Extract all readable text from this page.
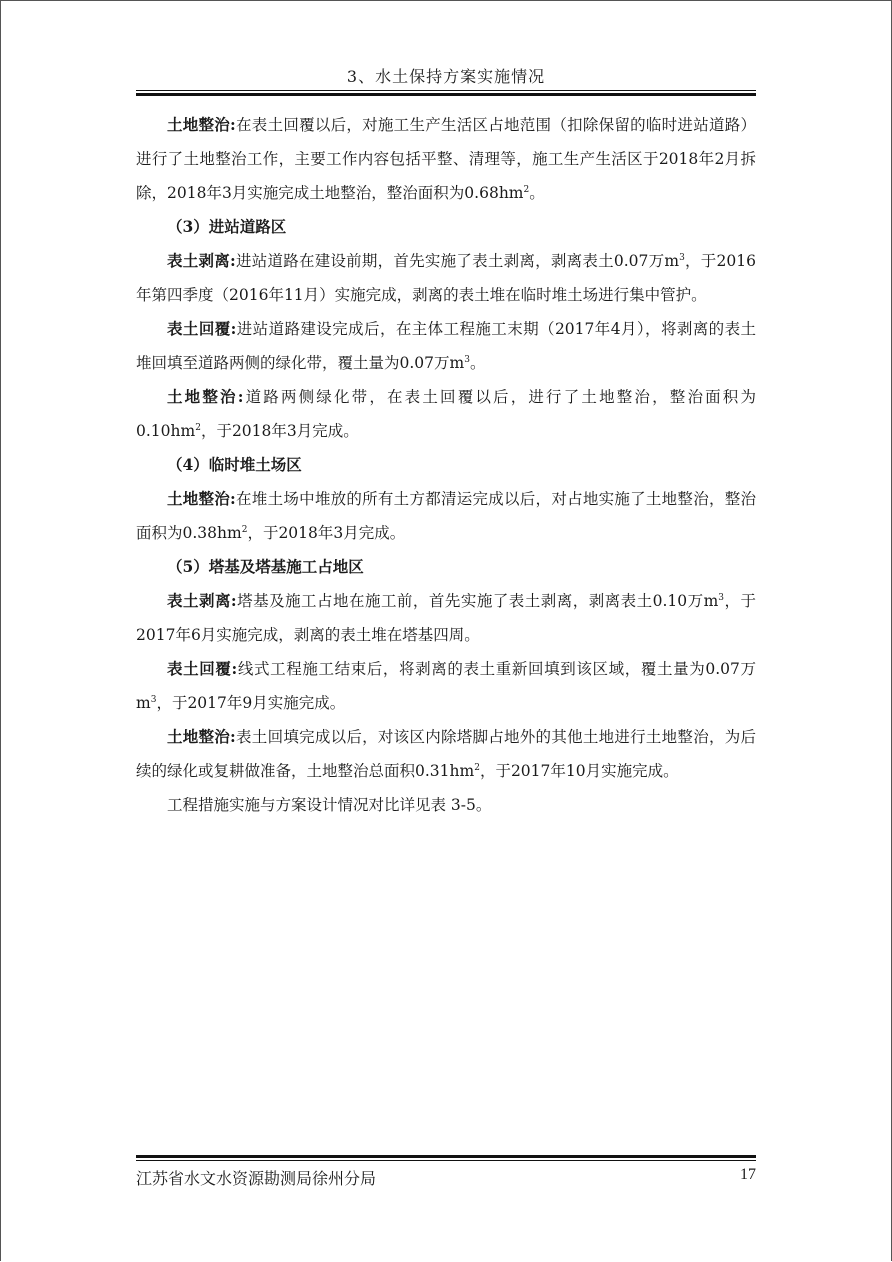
3、水土保持方案实施情况

土地整治:在表土回覆以后，对施工生产生活区占地范围（扣除保留的临时进站道路）进行了土地整治工作，主要工作内容包括平整、清理等，施工生产生活区于2018年2月拆除，2018年3月实施完成土地整治，整治面积为$0.68hm^2$。

（3）进站道路区

表土剥离:进站道路在建设前期，首先实施了表土剥离，剥离表土0.07万$m^3$，于2016年第四季度（2016年11月）实施完成，剥离的表土堆在临时堆土场进行集中管护。

表土回覆:进站道路建设完成后，在主体工程施工末期（2017年4月），将剥离的表土堆回填至道路两侧的绿化带，覆土量为0.07万$m^3$。

土地整治:道路两侧绿化带，在表土回覆以后，进行了土地整治，整治面积为$0.10hm^2$，于2018年3月完成。

（4）临时堆土场区

土地整治:在堆土场中堆放的所有土方都清运完成以后，对占地实施了土地整治，整治面积为$0.38hm^2$，于2018年3月完成。

（5）塔基及塔基施工占地区

表土剥离:塔基及施工占地在施工前，首先实施了表土剥离，剥离表土0.10万$m^3$，于2017年6月实施完成，剥离的表土堆在塔基四周。

表土回覆:线式工程施工结束后，将剥离的表土重新回填到该区域，覆土量为0.07万$m^3$，于2017年9月实施完成。

土地整治:表土回填完成以后，对该区内除塔脚占地外的其他土地进行土地整治，为后续的绿化或复耕做准备，土地整治总面积$0.31hm^2$，于2017年10月实施完成。

工程措施实施与方案设计情况对比详见表 3-5。

江苏省水文水资源勘测局徐州分局	17
